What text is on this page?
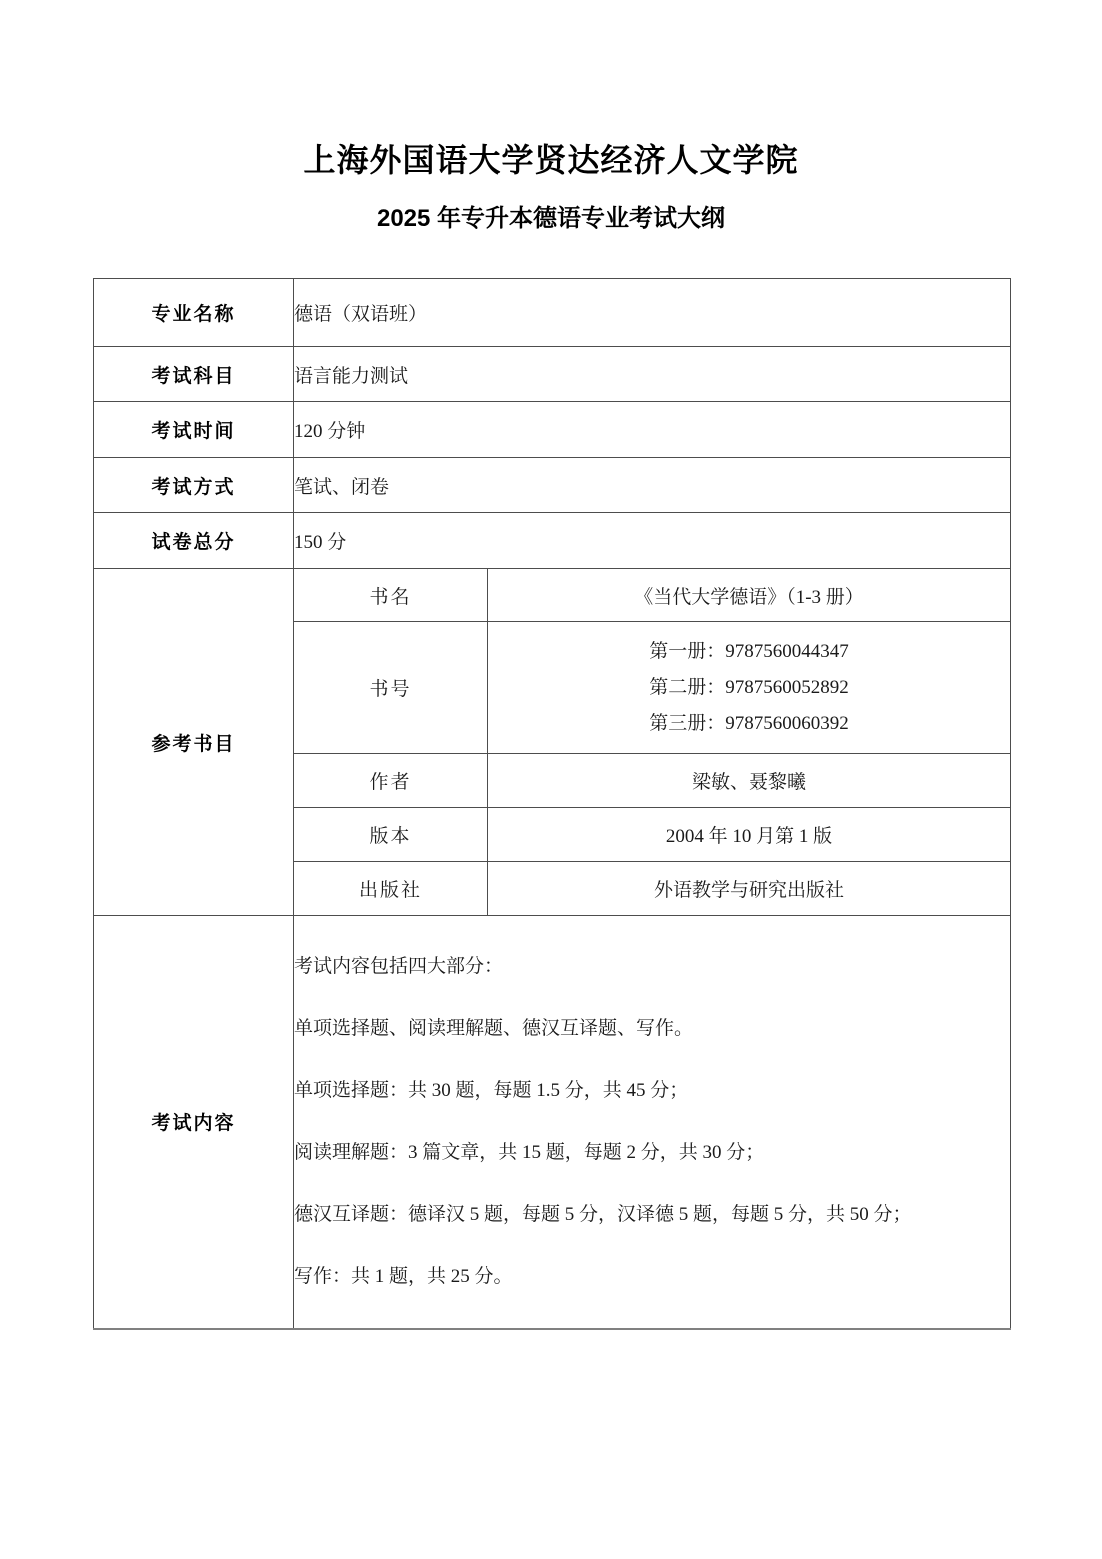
上海外国语大学贤达经济人文学院
2025 年专升本德语专业考试大纲
专业名称	德语（双语班）	
考试科目	语言能力测试	
考试时间	120 分钟	
考试方式	笔试、闭卷	
试卷总分	150 分	
参考书目	书名	《当代大学德语》（1-3 册）
	书号	第一册：9787560044347
第二册：9787560052892
第三册：9787560060392

	作者	梁敏、聂黎曦
	版本	2004 年 10 月第 1 版
	出版社	外语教学与研究出版社
考试内容	

考试内容包括四大部分：

单项选择题、阅读理解题、德汉互译题、写作。

单项选择题：共 30 题，每题 1.5 分，共 45 分；

阅读理解题：3 篇文章，共 15 题，每题 2 分，共 30 分；

德汉互译题：德译汉 5 题，每题 5 分，汉译德 5 题，每题 5 分，共 50 分；

写作：共 1 题，共 25 分。
